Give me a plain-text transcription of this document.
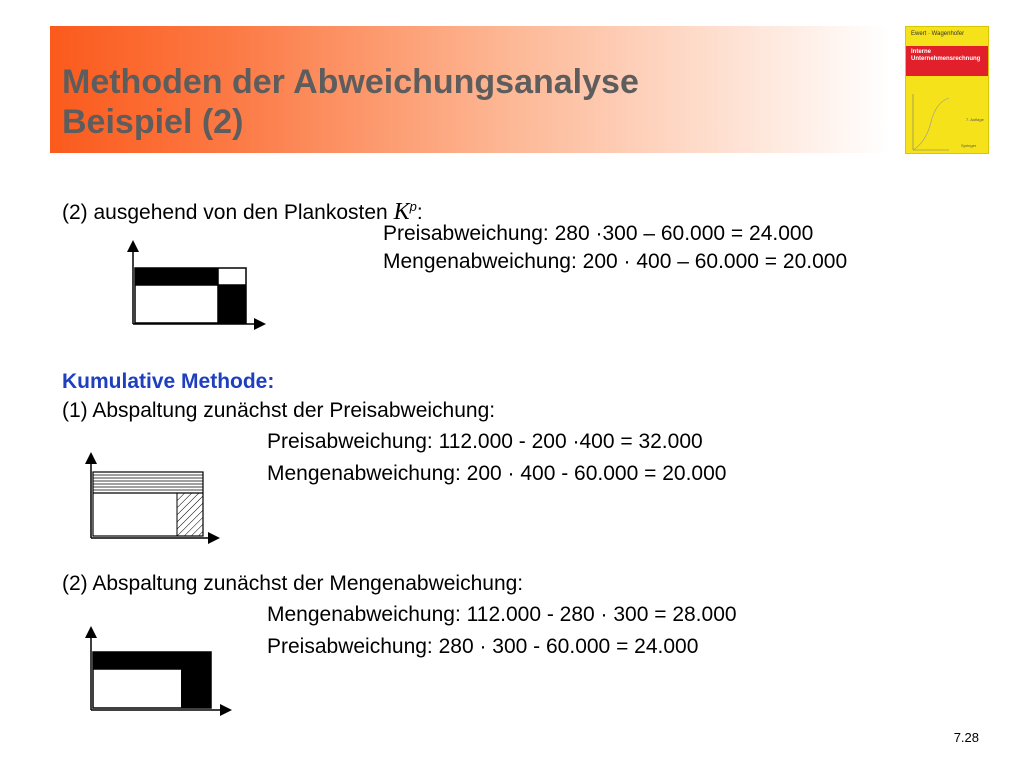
Methoden der Abweichungsanalyse
Beispiel (2)
Ewert · Wagenhofer
Interne
Unternehmensrechnung
7. Auflage
Springer
(2) ausgehend von den Plankosten $K^p$:
Preisabweichung: 280 ·300 – 60.000 = 24.000
Mengenabweichung: 200 · 400 – 60.000 = 20.000
Kumulative Methode:
(1) Abspaltung zunächst der Preisabweichung:
Preisabweichung: 112.000 - 200 ·400 = 32.000
Mengenabweichung: 200 · 400 - 60.000 = 20.000
(2) Abspaltung zunächst der Mengenabweichung:
Mengenabweichung: 112.000 - 280 · 300 = 28.000
Preisabweichung: 280 · 300 - 60.000 = 24.000
7.28
